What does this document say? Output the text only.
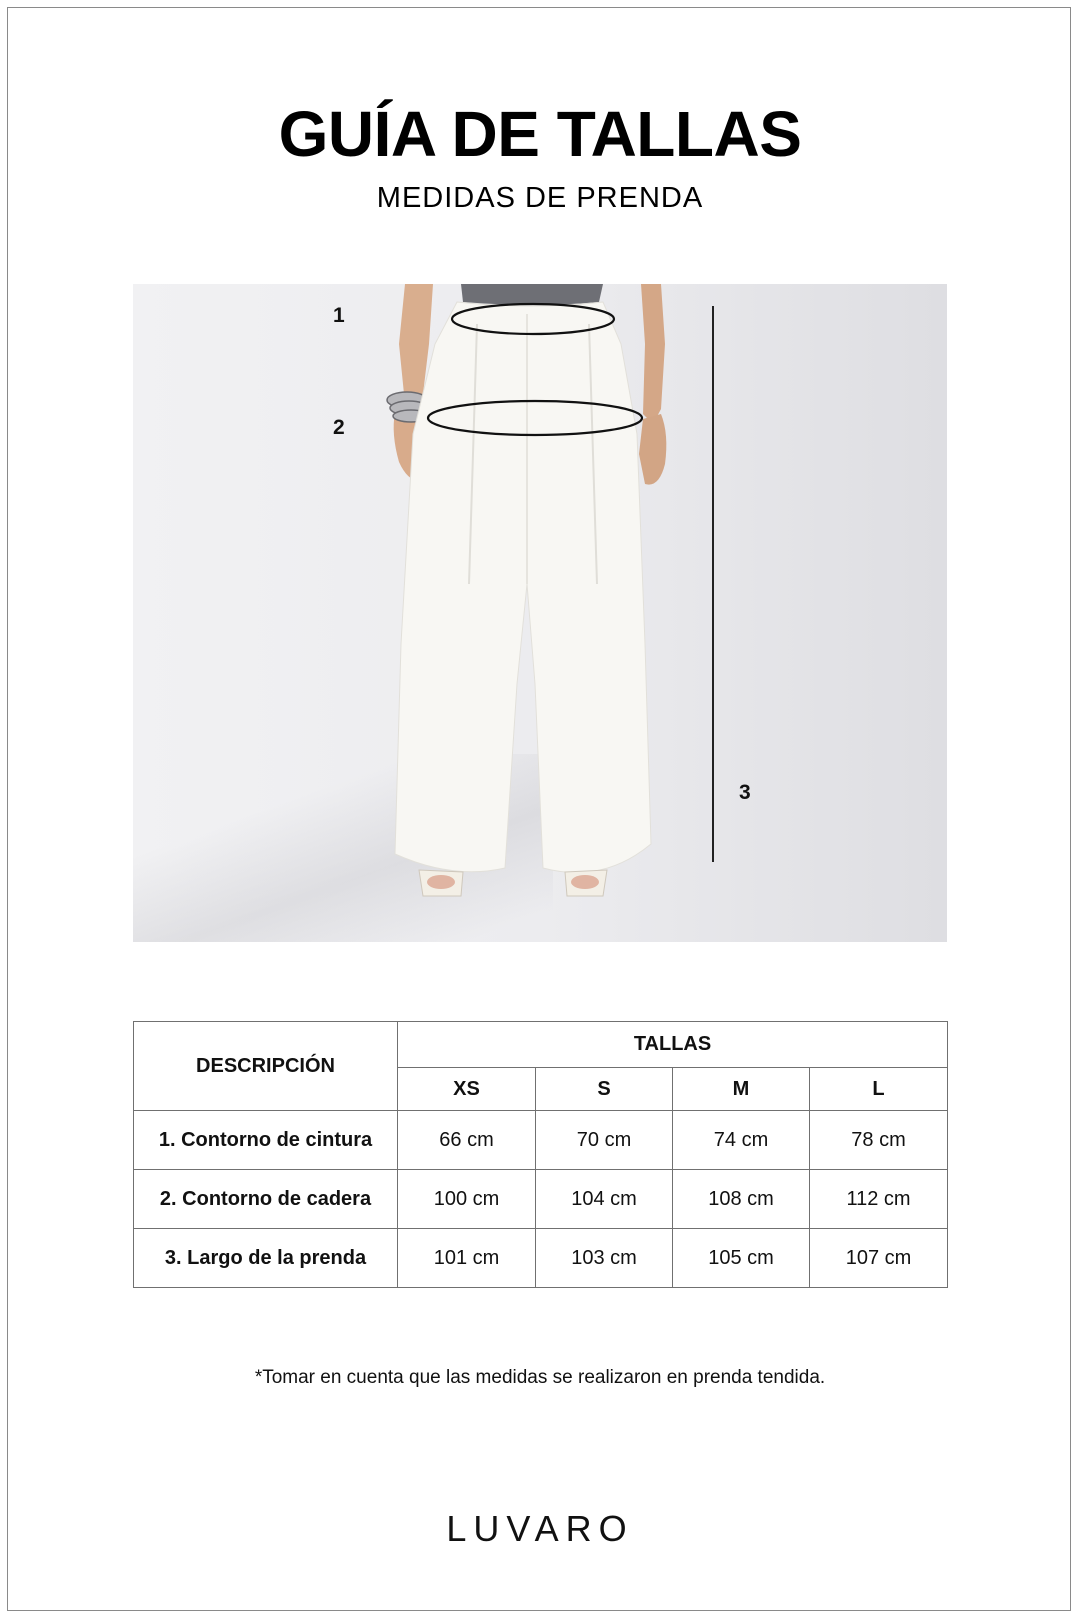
GUÍA DE TALLAS
MEDIDAS DE PRENDA
1
2
3
DESCRIPCIÓN	TALLAS			
	XS	S	M	L
1. Contorno de cintura	66 cm	70 cm	74 cm	78 cm
2. Contorno de cadera	100 cm	104 cm	108 cm	112 cm
3. Largo de la prenda	101 cm	103 cm	105 cm	107 cm
*Tomar en cuenta que las medidas se realizaron en prenda tendida.
LUVARO
